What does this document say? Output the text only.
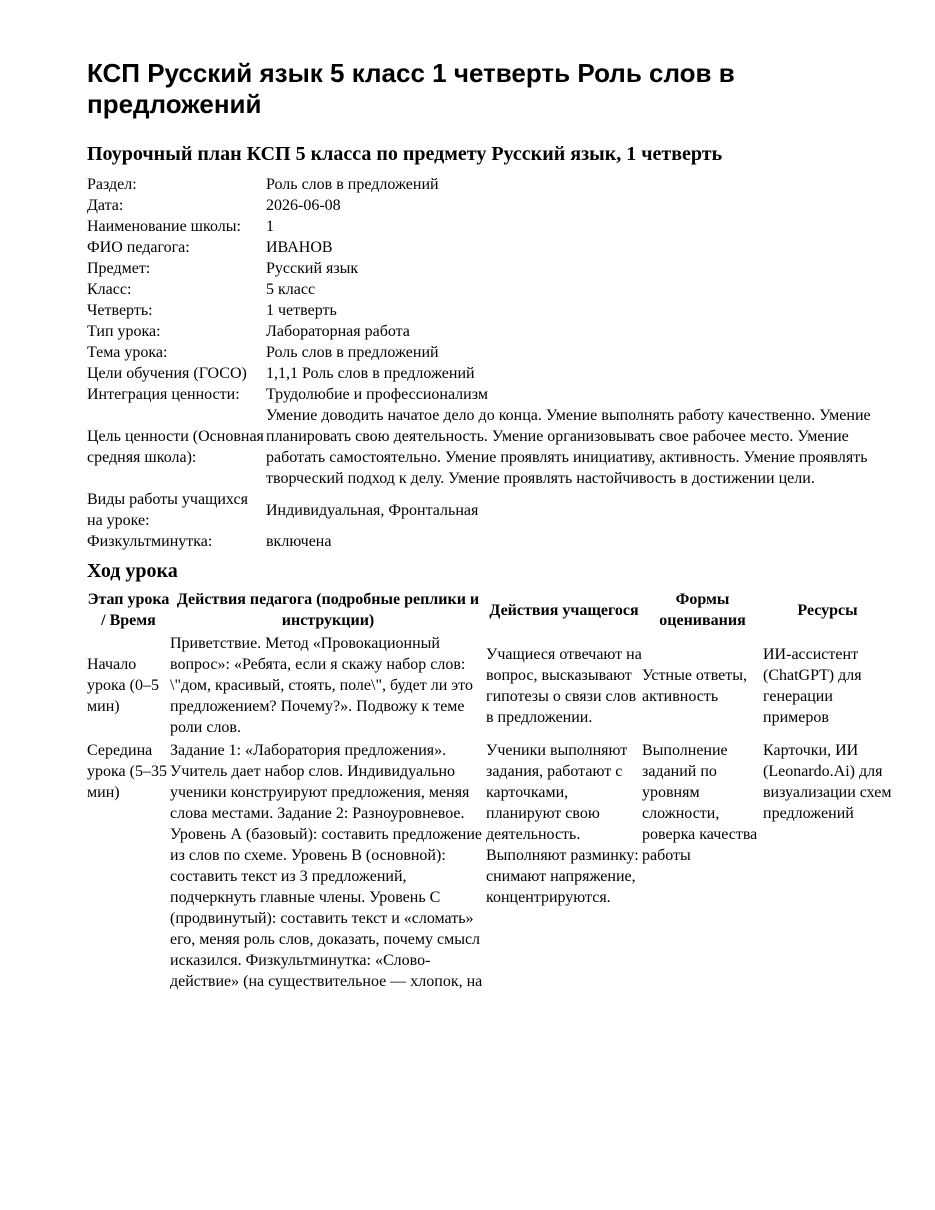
КСП Русский язык 5 класс 1 четверть Роль слов в предложений
Поурочный план КСП 5 класса по предмету Русский язык, 1 четверть
Раздел:	Роль слов в предложений
Дата:	2026-06-08
Наименование школы:	1
ФИО педагога:	ИВАНОВ
Предмет:	Русский язык
Класс:	5 класс
Четверть:	1 четверть
Тип урока:	Лабораторная работа
Тема урока:	Роль слов в предложений
Цели обучения (ГОСО)	1,1,1 Роль слов в предложений
Интеграция ценности:	Трудолюбие и профессионализм
Цель ценности (Основная средняя школа):	Умение доводить начатое дело до конца. Умение выполнять работу качественно. Умение планировать свою деятельность. Умение организовывать свое рабочее место. Умение работать самостоятельно. Умение проявлять инициативу, активность. Умение проявлять творческий подход к делу. Умение проявлять настойчивость в достижении цели.
Виды работы учащихся на уроке:	Индивидуальная, Фронтальная
Физкультминутка:	включена
Ход урока
Этап урока / Время	Действия педагога (подробные реплики и инструкции)	Действия учащегося	Формы оценивания	Ресурсы
Начало урока (0–5 мин)	Приветствие. Метод «Провокационный вопрос»: «Ребята, если я скажу набор слов: \"дом, красивый, стоять, поле\", будет ли это предложением? Почему?». Подвожу к теме роли слов.	Учащиеся отвечают на вопрос, высказывают гипотезы о связи слов в предложении.	Устные ответы, активность	ИИ-ассистент (ChatGPT) для генерации примеров
Середина урока (5–35 мин)	Задание 1: «Лаборатория предложения». Учитель дает набор слов. Индивидуально ученики конструируют предложения, меняя слова местами. Задание 2: Разноуровневое. Уровень А (базовый): составить предложение из слов по схеме. Уровень В (основной): составить текст из 3 предложений, подчеркнуть главные члены. Уровень С (продвинутый): составить текст и «сломать» его, меняя роль слов, доказать, почему смысл исказился. Физкультминутка: «Слово-действие» (на существительное — хлопок, на	Ученики выполняют задания, работают с карточками, планируют свою деятельность. Выполняют разминку: снимают напряжение, концентрируются.	Выполнение заданий по уровням сложности, роверка качества работы	Карточки, ИИ (Leonardo.Ai) для визуализации схем предложений
